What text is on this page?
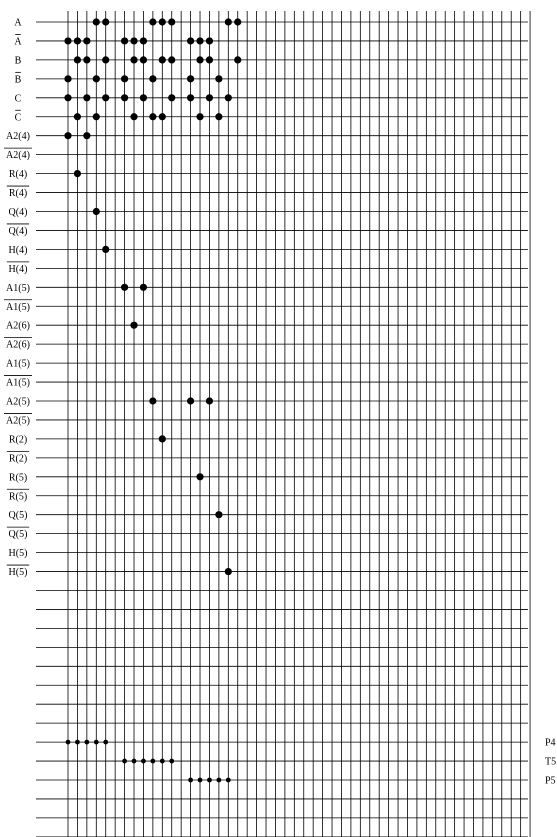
A
A
B
B
C
C
A2(4)
A2(4)
R(4)
R(4)
Q(4)
Q(4)
H(4)
H(4)
A1(5)
A1(5)
A2(6)
A2(6)
A1(5)
A1(5)
A2(5)
A2(5)
R(2)
R(2)
R(5)
R(5)
Q(5)
Q(5)
H(5)
H(5)
P4
T5
P5
